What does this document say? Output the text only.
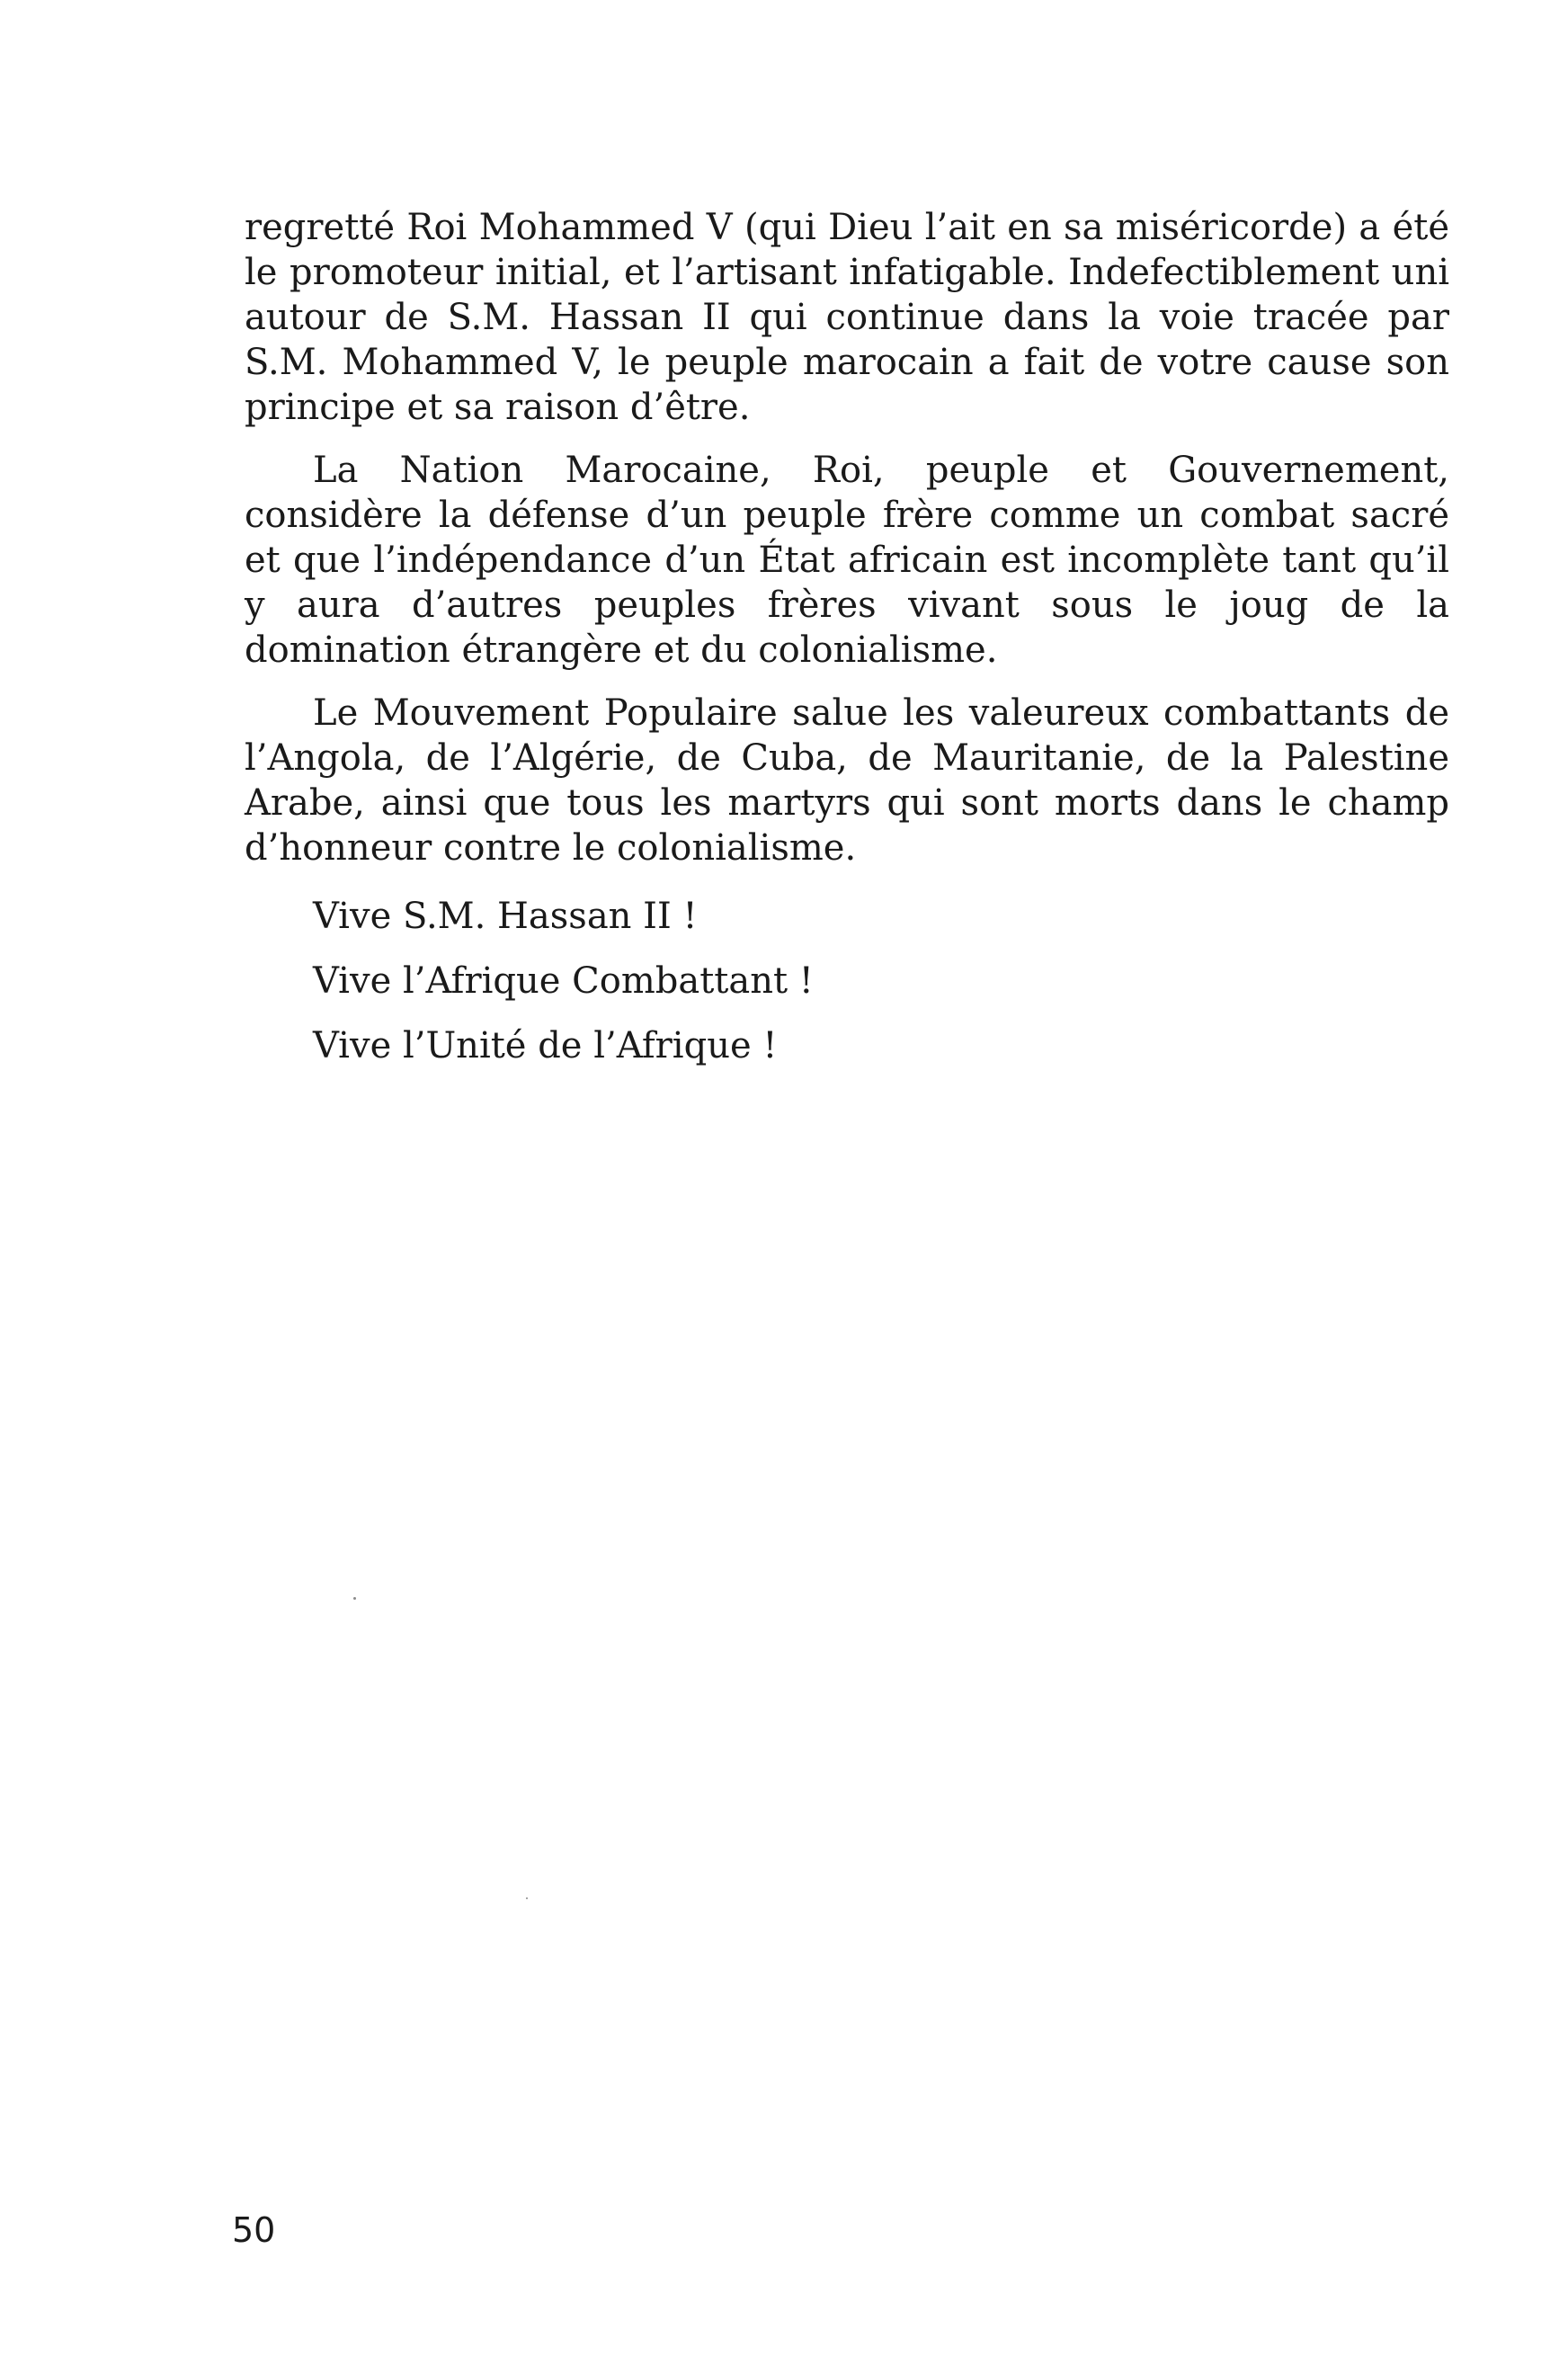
regretté Roi Mohammed V (qui Dieu l’ait en sa miséricorde) a été le promoteur initial, et l’artisant infatigable. Indefectiblement uni autour de S.M. Hassan II qui continue dans la voie tracée par S.M. Mohammed V, le peuple marocain a fait de votre cause son principe et sa raison d’être.

La Nation Marocaine, Roi, peuple et Gouvernement, considère la défense d’un peuple frère comme un combat sacré et que l’indépendance d’un État africain est incomplète tant qu’il y aura d’autres peuples frères vivant sous le joug de la domination étrangère et du colonialisme.

Le Mouvement Populaire salue les valeureux combattants de l’Angola, de l’Algérie, de Cuba, de Mauritanie, de la Palestine Arabe, ainsi que tous les martyrs qui sont morts dans le champ d’honneur contre le colonialisme.

Vive S.M. Hassan II !

Vive l’Afrique Combattant !

Vive l’Unité de l’Afrique !

50
